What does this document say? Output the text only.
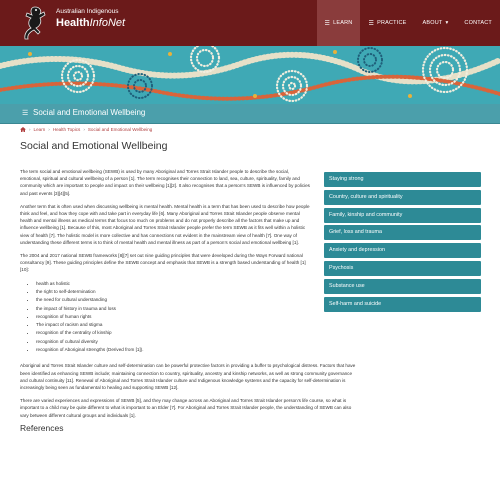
Australian Indigenous
HealthInfoNet	☰ LEARN	☰ PRACTICE	ABOUT ▾	CONTACT
☰ Social and Emotional Wellbeing
› Learn › Health Topics › Social and Emotional Wellbeing
Social and Emotional Wellbeing
Staying strong
Country, culture and spirituality
Family, kinship and community
Grief, loss and trauma
Anxiety and depression
Psychosis
Substance use
Self-harm and suicide

The term social and emotional wellbeing (SEWB) is used by many Aboriginal and Torres Strait Islander people to describe the social, emotional, spiritual and cultural wellbeing of a person [1]. The term recognises their connection to land, sea, culture, spirituality, family and community which are important to people and impact on their wellbeing [1][2]. It also recognises that a person’s SEWB is influenced by policies and past events [3][4][5].

Another term that is often used when discussing wellbeing is mental health. Mental health is a term that has been used to describe how people think and feel, and how they cope with and take part in everyday life [6]. Many Aboriginal and Torres Strait Islander people observe mental health and mental illness as medical terms that focus too much on problems and do not properly describe all the factors that make up and influence wellbeing [1]. Because of this, most Aboriginal and Torres Strait Islander people prefer the term SEWB as it fits well within a holistic view of health [7]. The holistic model is more collective and has connections not evident in the mainstream view of health [7]. One way of understanding these different terms is to think of mental health and mental illness as part of a person’s social and emotional wellbeing [1].

The 2004 and 2017 national SEWB frameworks [8][7] set out nine guiding principles that were developed during the Ways Forward national consultancy [9]. These guiding principles define the SEWB concept and emphasis that SEWB is a strength based understanding of health [1][10]:

• health as holistic
• the right to self-determination
• the need for cultural understanding
• the impact of history in trauma and loss
• recognition of human rights
• The impact of racism and stigma
• recognition of the centrality of kinship
• recognition of cultural diversity
• recognition of Aboriginal strengths (Derived from [1]).

Aboriginal and Torres Strait Islander culture and self-determination can be powerful protective factors in providing a buffer to psychological distress. Factors that have been identified as enhancing SEWB include; maintaining connection to country, spirituality, ancestry and kinship networks, as well as strong community governance and cultural continuity [11]. Renewal of Aboriginal and Torres Strait Islander culture and Indigenous knowledge systems and the capacity for self-determination is increasingly being seen as fundamental to healing and supporting SEWB [12].

There are varied experiences and expressions of SEWB [5], and they may change across an Aboriginal and Torres Strait Islander person’s life course, so what is important to a child may be quite different to what is important to an Elder [7]. For Aboriginal and Torres Strait Islander people, the understanding of SEWB can also vary between different cultural groups and individuals [1].

References
